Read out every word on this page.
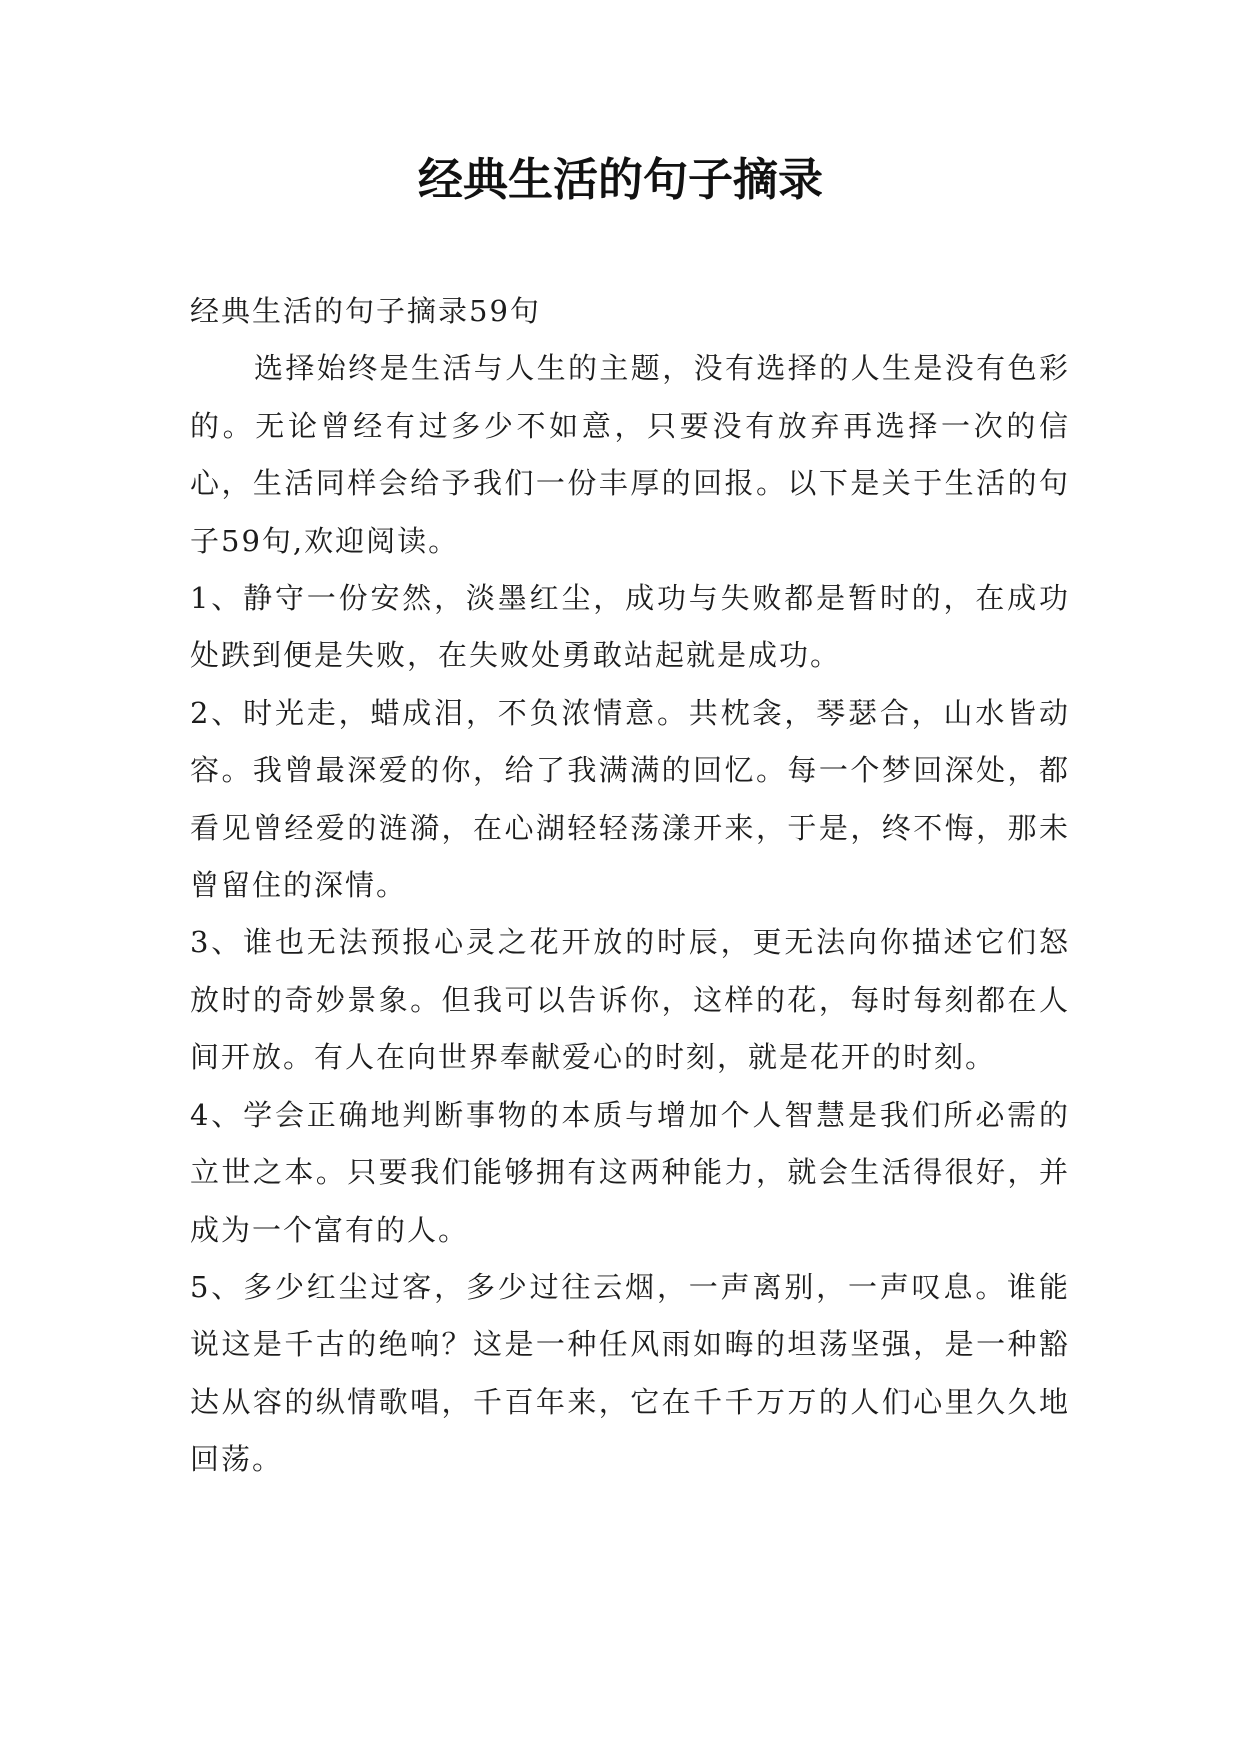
经典生活的句子摘录

经典生活的句子摘录59句

选择始终是生活与人生的主题，没有选择的人生是没有色彩的。无论曾经有过多少不如意，只要没有放弃再选择一次的信心，生活同样会给予我们一份丰厚的回报。以下是关于生活的句子59句,欢迎阅读。

1、静守一份安然，淡墨红尘，成功与失败都是暂时的，在成功处跌到便是失败，在失败处勇敢站起就是成功。

2、时光走，蜡成泪，不负浓情意。共枕衾，琴瑟合，山水皆动容。我曾最深爱的你，给了我满满的回忆。每一个梦回深处，都看见曾经爱的涟漪，在心湖轻轻荡漾开来，于是，终不悔，那未曾留住的深情。

3、谁也无法预报心灵之花开放的时辰，更无法向你描述它们怒放时的奇妙景象。但我可以告诉你，这样的花，每时每刻都在人间开放。有人在向世界奉献爱心的时刻，就是花开的时刻。

4、学会正确地判断事物的本质与增加个人智慧是我们所必需的立世之本。只要我们能够拥有这两种能力，就会生活得很好，并成为一个富有的人。

5、多少红尘过客，多少过往云烟，一声离别，一声叹息。谁能说这是千古的绝响？这是一种任风雨如晦的坦荡坚强，是一种豁达从容的纵情歌唱，千百年来，它在千千万万的人们心里久久地回荡。
